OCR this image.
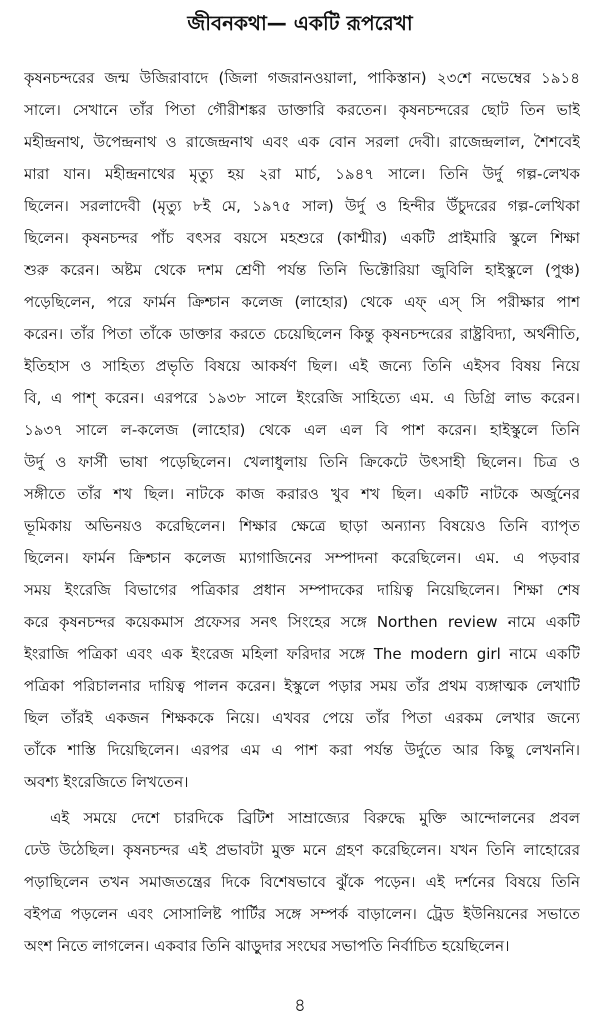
জীবনকথা— একটি রূপরেখা
কৃষনচন্দরের জন্ম উজিরাবাদে (জিলা গজরানওয়ালা, পাকিস্তান) ২৩শে নভেম্বের ১৯১৪
সালে। সেখানে তাঁর পিতা গৌরীশঙ্কর ডাক্তারি করতেন। কৃষনচন্দরের ছোট তিন ভাই
মহীন্দ্রনাথ, উপেন্দ্রনাথ ও রাজেন্দ্রনাথ এবং এক বোন সরলা দেবী। রাজেন্দ্রলাল, শৈশবেই
মারা যান। মহীন্দ্রনাথের মৃত্যু হয় ২রা মার্চ, ১৯৪৭ সালে। তিনি উর্দু গল্প-লেখক
ছিলেন। সরলাদেবী (মৃত্যু ৮ই মে, ১৯৭৫ সাল) উর্দু ও হিন্দীর উঁচুদরের গল্প-লেখিকা
ছিলেন। কৃষনচন্দর পাঁচ বৎসর বয়সে মহশুরে (কাশ্মীর) একটি প্রাইমারি স্কুলে শিক্ষা
শুরু করেন। অষ্টম থেকে দশম শ্রেণী পর্যন্ত তিনি ভিক্টোরিয়া জুবিলি হাইস্কুলে (পুঞ্চ)
পড়েছিলেন, পরে ফার্মন ক্রিশ্চান কলেজ (লাহোর) থেকে এফ্ এস্ সি পরীক্ষার পাশ
করেন। তাঁর পিতা তাঁকে ডাক্তার করতে চেয়েছিলেন কিন্তু কৃষনচন্দরের রাষ্ট্রবিদ্যা, অর্থনীতি,
ইতিহাস ও সাহিত্য প্রভৃতি বিষয়ে আকর্ষণ ছিল। এই জন্যে তিনি এইসব বিষয় নিয়ে
বি, এ পাশ্ করেন। এরপরে ১৯৩৮ সালে ইংরেজি সাহিত্যে এম. এ ডিগ্রি লাভ করেন।
১৯৩৭ সালে ল-কলেজ (লাহোর) থেকে এল এল বি পাশ করেন। হাইস্কুলে তিনি
উর্দু ও ফার্সী ভাষা পড়েছিলেন। খেলাধুলায় তিনি ক্রিকেটে উৎসাহী ছিলেন। চিত্র ও
সঙ্গীতে তাঁর শখ ছিল। নাটকে কাজ করারও খুব শখ ছিল। একটি নাটকে অর্জুনের
ভূমিকায় অভিনয়ও করেছিলেন। শিক্ষার ক্ষেত্রে ছাড়া অন্যান্য বিষয়েও তিনি ব্যাপৃত
ছিলেন। ফার্মন ক্রিশ্চান কলেজ ম্যাগাজিনের সম্পাদনা করেছিলেন। এম. এ পড়বার
সময় ইংরেজি বিভাগের পত্রিকার প্রধান সম্পাদকের দায়িত্ব নিয়েছিলেন। শিক্ষা শেষ
করে কৃষনচন্দর কয়েকমাস প্রফেসর সনৎ সিংহের সঙ্গে Northen review নামে একটি
ইংরাজি পত্রিকা এবং এক ইংরেজ মহিলা ফরিদার সঙ্গে The modern girl নামে একটি
পত্রিকা পরিচালনার দায়িত্ব পালন করেন। ইস্কুলে পড়ার সময় তাঁর প্রথম ব্যঙ্গাত্মক লেখাটি
ছিল তাঁরই একজন শিক্ষককে নিয়ে। এখবর পেয়ে তাঁর পিতা এরকম লেখার জন্যে
তাঁকে শাস্তি দিয়েছিলেন। এরপর এম এ পাশ করা পর্যন্ত উর্দুতে আর কিছু লেখননি।
অবশ্য ইংরেজিতে লিখতেন।
এই সময়ে দেশে চারদিকে ব্রিটিশ সাম্রাজ্যের বিরুদ্ধে মুক্তি আন্দোলনের প্রবল
ঢেউ উঠেছিল। কৃষনচন্দর এই প্রভাবটা মুক্ত মনে গ্রহণ করেছিলেন। যখন তিনি লাহোরের
পড়াছিলেন তখন সমাজতন্ত্রের দিকে বিশেষভাবে ঝুঁকে পড়েন। এই দর্শনের বিষয়ে তিনি
বইপত্র পড়লেন এবং সোসালিষ্ট পার্টির সঙ্গে সম্পর্ক বাড়ালেন। ট্রেড ইউনিয়নের সভাতে
অংশ নিতে লাগলেন। একবার তিনি ঝাড়ুদার সংঘের সভাপতি নির্বাচিত হয়েছিলেন।
৪
